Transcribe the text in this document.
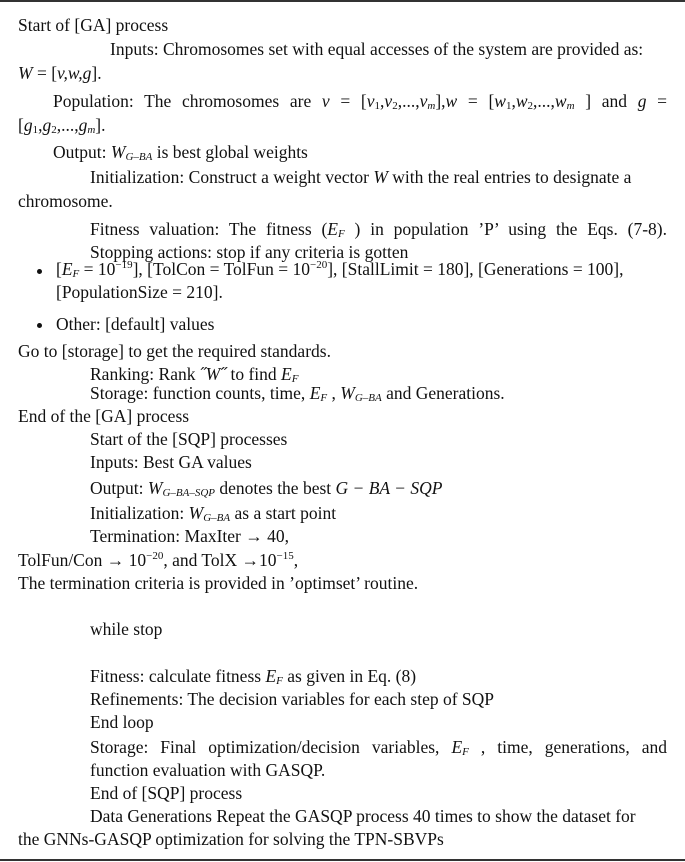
Start of [GA] process
Inputs: Chromosomes set with equal accesses of the system are provided as:
W = [v,w,g].
Population: The chromosomes are $v = [v_1,v_2,...,v_m],w = [w_1,w_2,...,w_m$ ] and g =
$[g_1,g_2,...,g_m]$.
Output: $W_{G-BA}$ is best global weights
Initialization: Construct a weight vector W with the real entries to designate a
chromosome.
Fitness valuation: The fitness ($E_F$ ) in population ’P’ using the Eqs. (7-8).
Stopping actions: stop if any criteria is gotten
$[E_F = 10^{-19}]$, [TolCon = TolFun = $10^{-20}$], [StallLimit = 180], [Generations = 100],
[PopulationSize = 210].
Other: [default] values
Go to [storage] to get the required standards.
Ranking: Rank ˝W˝ to find $E_F$
Storage: function counts, time, $E_F$ , $W_{G-BA}$ and Generations.
End of the [GA] process
Start of the [SQP] processes
Inputs: Best GA values
Output: $W_{G-BA-SQP}$ denotes the best G − BA − SQP
Initialization: $W_{G-BA}$ as a start point
Termination: MaxIter → 40,
TolFun/Con → $10^{-20}$, and TolX $\to 10^{-15}$,
The termination criteria is provided in ’optimset’ routine.
while stop
Fitness: calculate fitness $E_F$ as given in Eq. (8)
Refinements: The decision variables for each step of SQP
End loop
Storage: Final optimization/decision variables, $E_F$ , time, generations, and
function evaluation with GASQP.
End of [SQP] process
Data Generations Repeat the GASQP process 40 times to show the dataset for
the GNNs-GASQP optimization for solving the TPN-SBVPs
